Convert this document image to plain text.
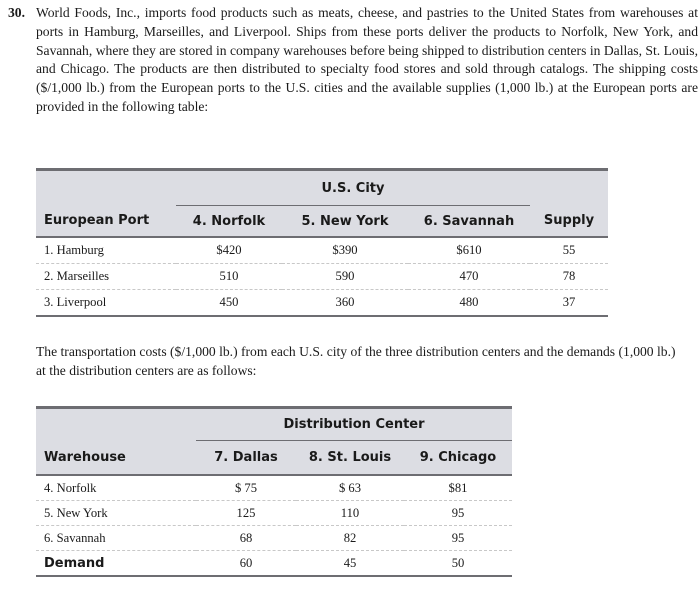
30. World Foods, Inc., imports food products such as meats, cheese, and pastries to the United States from warehouses at ports in Hamburg, Marseilles, and Liverpool. Ships from these ports deliver the products to Norfolk, New York, and Savannah, where they are stored in company warehouses before being shipped to distribution centers in Dallas, St. Louis, and Chicago. The products are then distributed to specialty food stores and sold through catalogs. The shipping costs ($/1,000 lb.) from the European ports to the U.S. cities and the available supplies (1,000 lb.) at the European ports are provided in the following table:
	U.S. City			
European Port	4. Norfolk	5. New York	6. Savannah	Supply
1. Hamburg	$420	$390	$610	55
2. Marseilles	510	590	470	78
3. Liverpool	450	360	480	37
The transportation costs ($/1,000 lb.) from each U.S. city of the three distribution centers and the demands (1,000 lb.) at the distribution centers are as follows:
	Distribution Center		
Warehouse	7. Dallas	8. St. Louis	9. Chicago
4. Norfolk	$ 75	$ 63	$81
5. New York	125	110	95
6. Savannah	68	82	95
Demand	60	45	50
